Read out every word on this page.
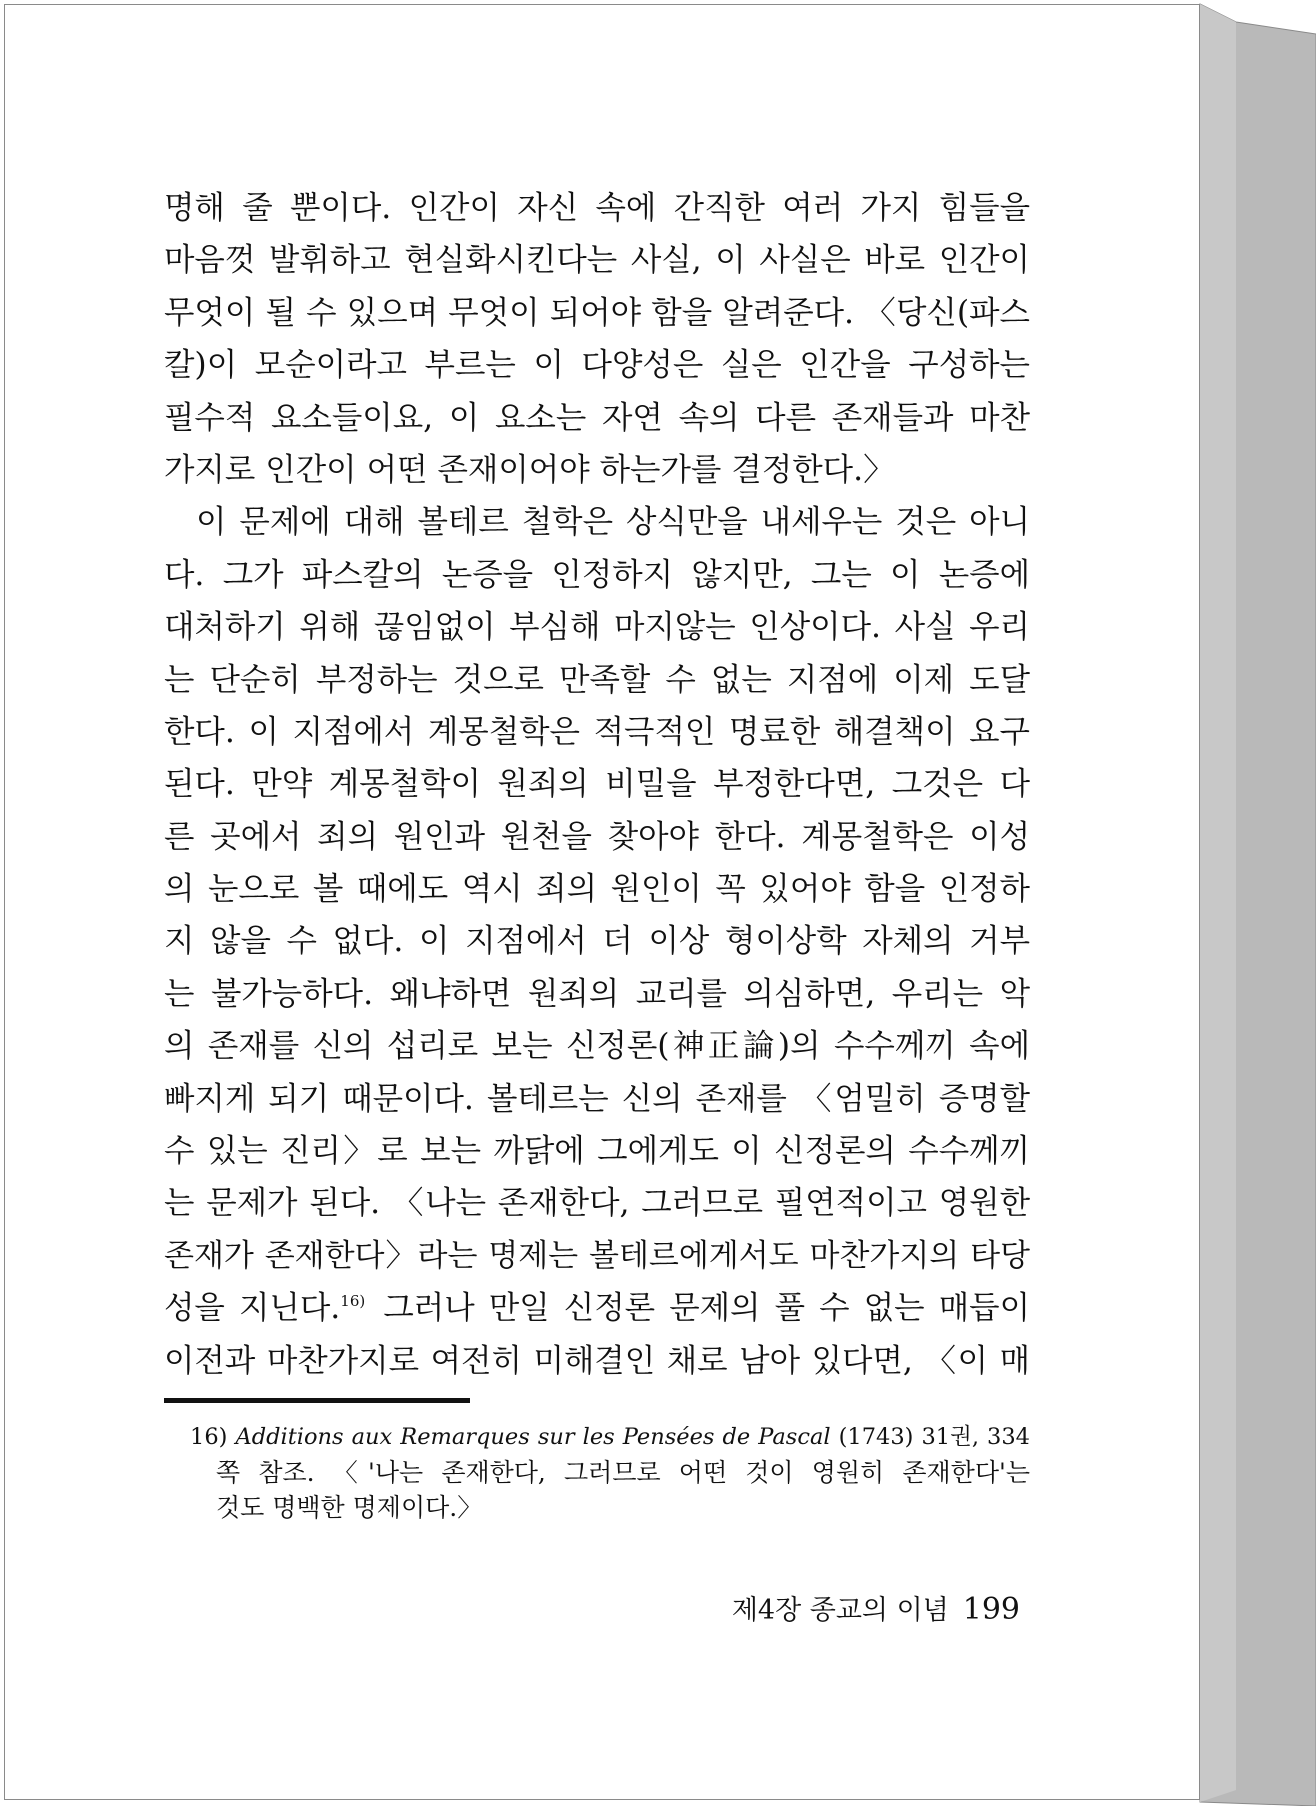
명해 줄 뿐이다. 인간이 자신 속에 간직한 여러 가지 힘들을
마음껏 발휘하고 현실화시킨다는 사실, 이 사실은 바로 인간이
무엇이 될 수 있으며 무엇이 되어야 함을 알려준다. 〈당신(파스
칼)이 모순이라고 부르는 이 다양성은 실은 인간을 구성하는
필수적 요소들이요, 이 요소는 자연 속의 다른 존재들과 마찬
가지로 인간이 어떤 존재이어야 하는가를 결정한다.〉
이 문제에 대해 볼테르 철학은 상식만을 내세우는 것은 아니
다. 그가 파스칼의 논증을 인정하지 않지만, 그는 이 논증에
대처하기 위해 끊임없이 부심해 마지않는 인상이다. 사실 우리
는 단순히 부정하는 것으로 만족할 수 없는 지점에 이제 도달
한다. 이 지점에서 계몽철학은 적극적인 명료한 해결책이 요구
된다. 만약 계몽철학이 원죄의 비밀을 부정한다면, 그것은 다
른 곳에서 죄의 원인과 원천을 찾아야 한다. 계몽철학은 이성
의 눈으로 볼 때에도 역시 죄의 원인이 꼭 있어야 함을 인정하
지 않을 수 없다. 이 지점에서 더 이상 형이상학 자체의 거부
는 불가능하다. 왜냐하면 원죄의 교리를 의심하면, 우리는 악
의 존재를 신의 섭리로 보는 신정론(神正論)의 수수께끼 속에
빠지게 되기 때문이다. 볼테르는 신의 존재를 〈엄밀히 증명할
수 있는 진리〉로 보는 까닭에 그에게도 이 신정론의 수수께끼
는 문제가 된다. 〈나는 존재한다, 그러므로 필연적이고 영원한
존재가 존재한다〉라는 명제는 볼테르에게서도 마찬가지의 타당
성을 지닌다.$^{16)}$ 그러나 만일 신정론 문제의 풀 수 없는 매듭이
이전과 마찬가지로 여전히 미해결인 채로 남아 있다면, 〈이 매
16) Additions aux Remarques sur les Pensées de Pascal (1743) 31권, 334
쪽 참조. 〈'나는 존재한다, 그러므로 어떤 것이 영원히 존재한다'는
것도 명백한 명제이다.〉
제4장 종교의 이념 199
